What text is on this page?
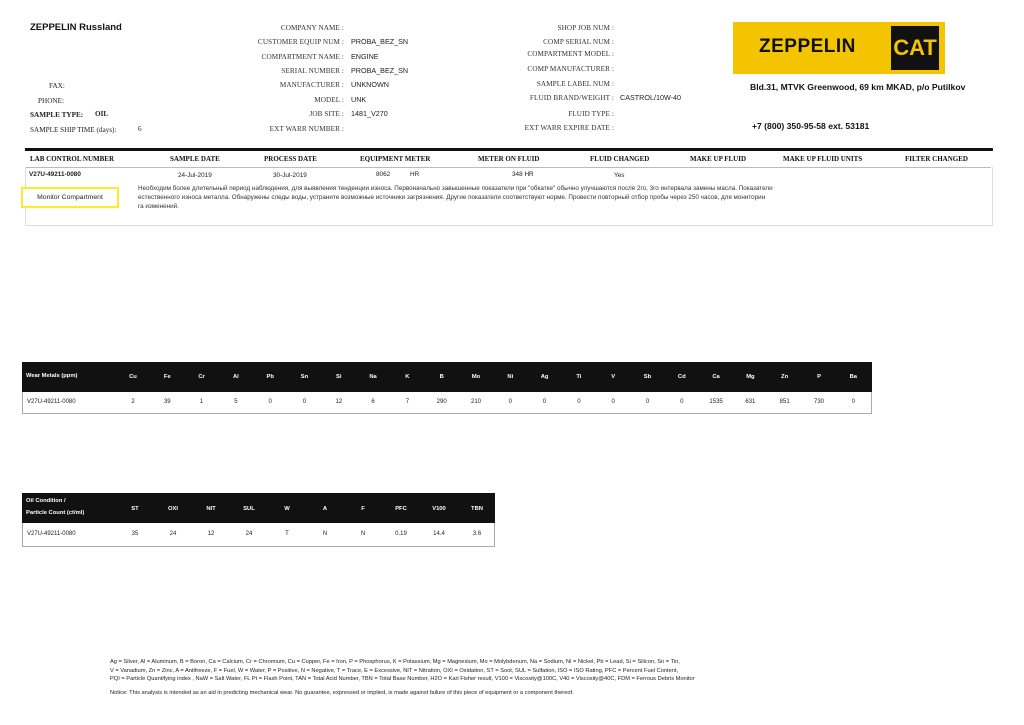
ZEPPELIN Russland
FAX:
PHONE:
SAMPLE TYPE: OIL
SAMPLE SHIP TIME (days):	6
COMPANY NAME :
CUSTOMER EQUIP NUM : PROBA_BEZ_SN
COMPARTMENT NAME : ENGINE
SERIAL NUMBER : PROBA_BEZ_SN
MANUFACTURER : UNKNOWN
MODEL : UNK
JOB SITE : 1481_V270
EXT WARR NUMBER :
SHOP JOB NUM :
COMP SERIAL NUM :
COMPARTMENT MODEL :
COMP MANUFACTURER :
SAMPLE LABEL NUM :
FLUID BRAND/WEIGHT : CASTROL/10W-40
FLUID TYPE :
EXT WARR EXPIRE DATE :
ZEPPELIN CAT
Bld.31, MTVK Greenwood, 69 km MKAD, p/o Putilkov
+7 (800) 350-95-58 ext. 53181
LAB CONTROL NUMBER	SAMPLE DATE	PROCESS DATE	EQUIPMENT METER	METER ON FLUID	FLUID CHANGED	MAKE UP FLUID	MAKE UP FLUID UNITS	FILTER CHANGED
V27U-49211-0080	24-Jul-2019	30-Jul-2019	8062	HR	348 HR	Yes
Monitor Compartment
Необходим более длительный период наблюдения, для выявления тенденции износа. Первоначально завышенные показатели при "обкатке" обычно улучшаются после 2го, 3го интервала замены масла. Показатели
естественного износа металла. Обнаружены следы воды, устраните возможные источники загрязнения. Другие показатели соответствуют норме. Провести повторный отбор пробы через 250 часов, для мониторин
га изменений.
Wear Metals (ppm)	Cu	Fe	Cr	Al	Pb	Sn	Si	Na	K	B	Mo	Ni	Ag	Ti	V	Sb	Cd	Ca	Mg	Zn	P	Ba
V27U-49211-0080	2	39	1	5	0	0	12	6	7	290	210	0	0	0	0	0	0	1535	631	851	730	0
Oil Condition /
Particle Count (ct/ml)
ST	OXI	NIT	SUL	W	A	F	PFC	V100	TBN
V27U-49211-0080	35	24	12	24	T	N	N	0.19	14.4	3.6
Ag = Silver, Al = Aluminum, B = Boron, Ca = Calcium, Cr = Chromium, Cu = Copper, Fe = Iron, P = Phosphorus, K = Potassium, Mg = Magnesium, Mo = Molybdenum, Na = Sodium, Ni = Nickel, Pb = Lead, Si = Silicon, Sn = Tin,
V = Vanadium, Zn = Zinc, A = Antifreeze, F = Fuel, W = Water, P = Positive, N = Negative, T = Trace, E = Excessive, NIT = Nitration, OXI = Oxidation, ST = Soot, SUL = Sulfation, ISO = ISO Rating, PFC = Percent Fuel Content,
PQI = Particle Quantifying index , NaW = Salt Water, FL Pt = Flash Point, TAN = Total Acid Number, TBN = Total Base Number, H2O = Karl Fisher result, V100 = Viscosity@100C, V40 = Viscosity@40C, FDM = Ferrous Debris Monitor
Notice: This analysis is intended as an aid in predicting mechanical wear. No guarantee, expressed or implied, is made against failure of this piece of equipment or a component thereof.
